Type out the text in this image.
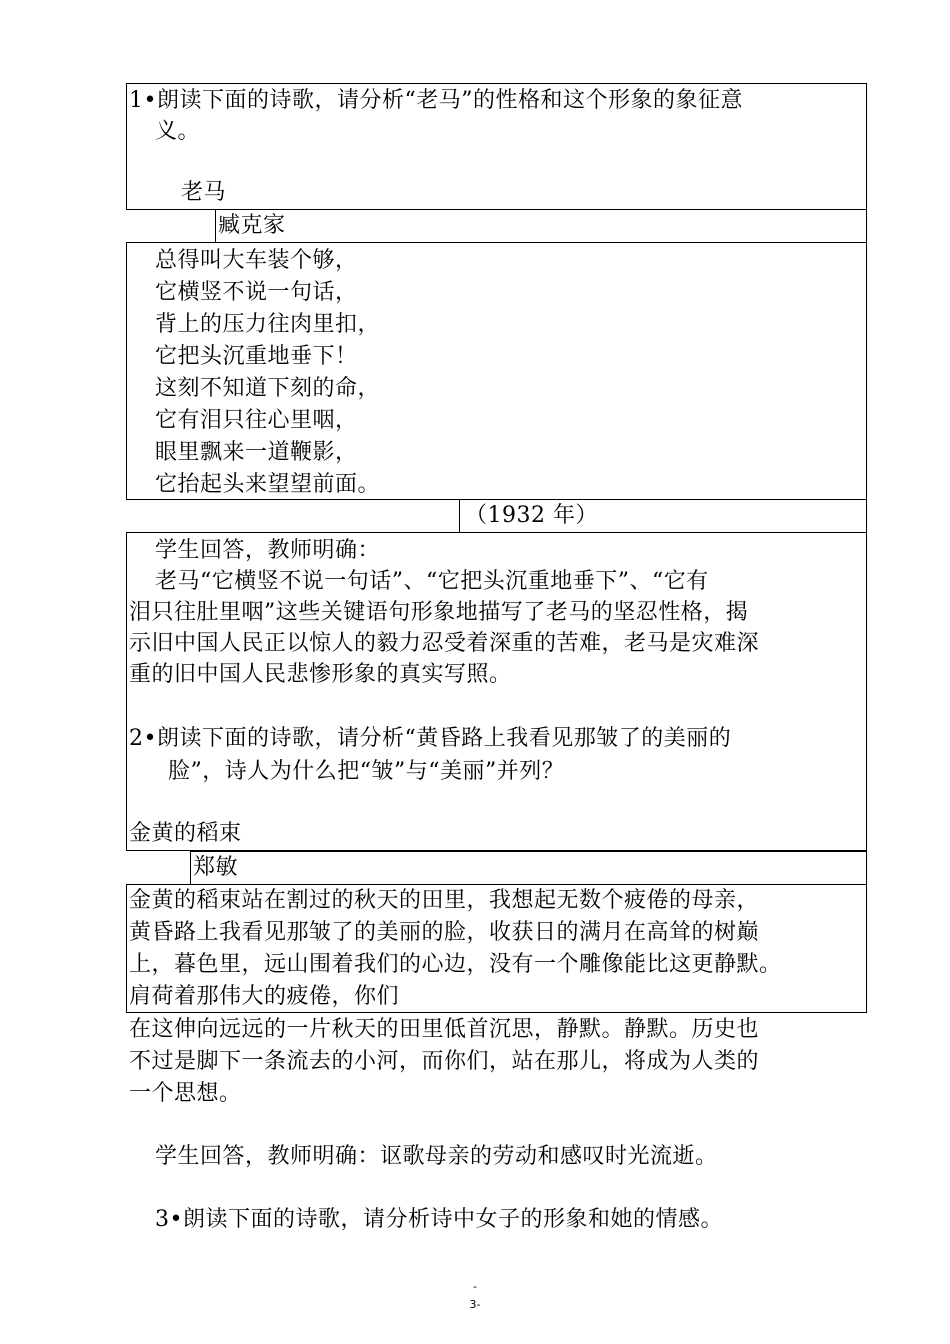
1•朗读下面的诗歌，请分析“老马”的性格和这个形象的象征意
义。
老马
臧克家
总得叫大车装个够，
它横竖不说一句话，
背上的压力往肉里扣，
它把头沉重地垂下！
这刻不知道下刻的命，
它有泪只往心里咽，
眼里飘来一道鞭影，
它抬起头来望望前面。
（1932 年）
学生回答，教师明确：
老马“它横竖不说一句话”、“它把头沉重地垂下”、“它有
泪只往肚里咽”这些关键语句形象地描写了老马的坚忍性格，揭
示旧中国人民正以惊人的毅力忍受着深重的苦难，老马是灾难深
重的旧中国人民悲惨形象的真实写照。
2•朗读下面的诗歌，请分析“黄昏路上我看见那皱了的美丽的
脸”，诗人为什么把“皱”与“美丽”并列？
金黄的稻束
郑敏
金黄的稻束站在割过的秋天的田里，我想起无数个疲倦的母亲，
黄昏路上我看见那皱了的美丽的脸，收获日的满月在高耸的树巅
上，暮色里，远山围着我们的心边，没有一个雕像能比这更静默。
肩荷着那伟大的疲倦，你们
在这伸向远远的一片秋天的田里低首沉思，静默。静默。历史也
不过是脚下一条流去的小河，而你们，站在那儿，将成为人类的
一个思想。
学生回答，教师明确：讴歌母亲的劳动和感叹时光流逝。
3•朗读下面的诗歌，请分析诗中女子的形象和她的情感。
-
3-
